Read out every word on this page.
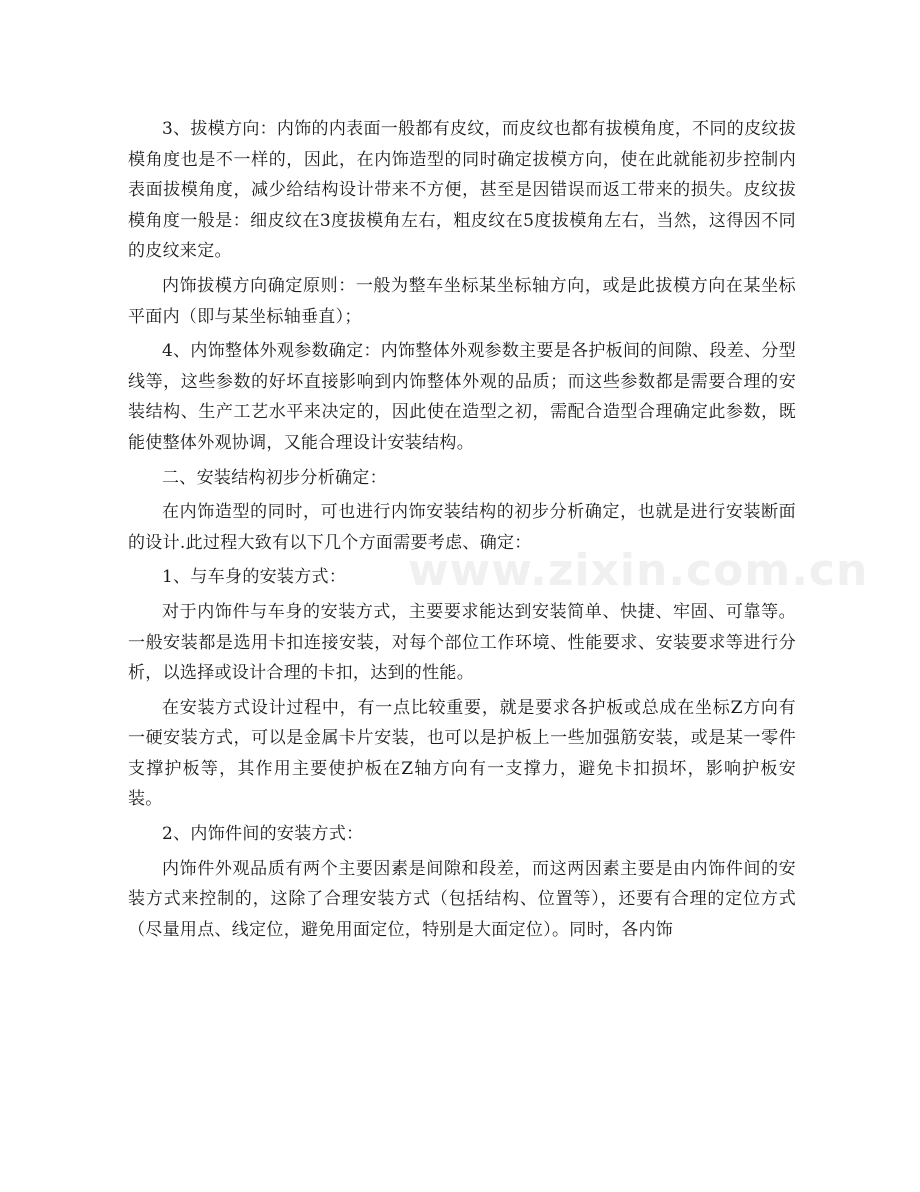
3、拔模方向：内饰的内表面一般都有皮纹，而皮纹也都有拔模角度，不同的皮纹拔模角度也是不一样的，因此，在内饰造型的同时确定拔模方向，使在此就能初步控制内表面拔模角度，减少给结构设计带来不方便，甚至是因错误而返工带来的损失。皮纹拔模角度一般是：细皮纹在3度拔模角左右，粗皮纹在5度拔模角左右，当然，这得因不同的皮纹来定。

内饰拔模方向确定原则：一般为整车坐标某坐标轴方向，或是此拔模方向在某坐标平面内（即与某坐标轴垂直）；

4、内饰整体外观参数确定：内饰整体外观参数主要是各护板间的间隙、段差、分型线等，这些参数的好坏直接影响到内饰整体外观的品质；而这些参数都是需要合理的安装结构、生产工艺水平来决定的，因此使在造型之初，需配合造型合理确定此参数，既能使整体外观协调，又能合理设计安装结构。

二、安装结构初步分析确定：

在内饰造型的同时，可也进行内饰安装结构的初步分析确定，也就是进行安装断面的设计.此过程大致有以下几个方面需要考虑、确定：

1、与车身的安装方式：

对于内饰件与车身的安装方式，主要要求能达到安装简单、快捷、牢固、可靠等。一般安装都是选用卡扣连接安装，对每个部位工作环境、性能要求、安装要求等进行分析，以选择或设计合理的卡扣，达到的性能。

在安装方式设计过程中，有一点比较重要，就是要求各护板或总成在坐标Z方向有一硬安装方式，可以是金属卡片安装，也可以是护板上一些加强筋安装，或是某一零件支撑护板等，其作用主要使护板在Z轴方向有一支撑力，避免卡扣损坏，影响护板安装。

2、内饰件间的安装方式：

内饰件外观品质有两个主要因素是间隙和段差，而这两因素主要是由内饰件间的安装方式来控制的，这除了合理安装方式（包括结构、位置等），还要有合理的定位方式（尽量用点、线定位，避免用面定位，特别是大面定位）。同时，各内饰

www.zixin.com.cn
